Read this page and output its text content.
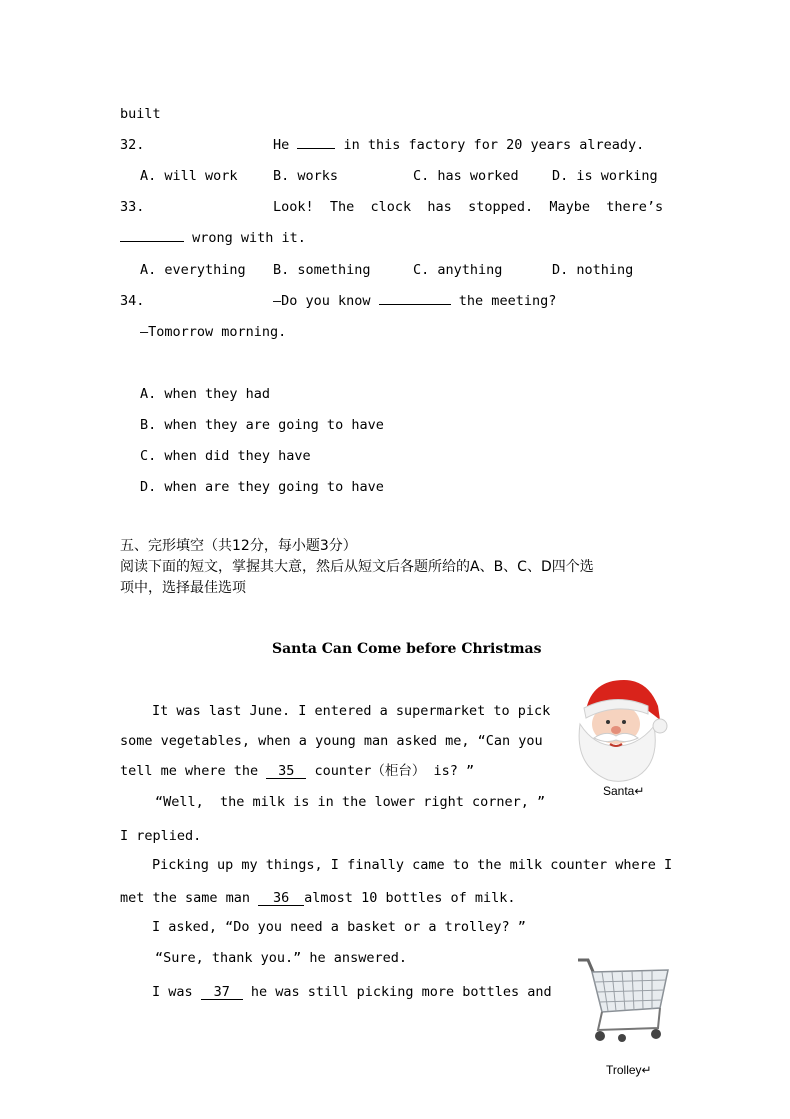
built
32.	He	in this factory for 20 years already.
A. will work	B. works	C. has worked D. is working
33.	Look!  The  clock  has  stopped.  Maybe  there’s
wrong with it.
A. everything B. something	C. anything	D. nothing
34.	—Do you know	the meeting?
—Tomorrow morning.
A. when they had
B. when they are going to have
C. when did they have
D. when are they going to have
五、完形填空（共12分，每小题3分）
阅读下面的短文，掌握其大意，然后从短文后各题所给的A、B、C、D四个选
项中，选择最佳选项
Santa Can Come before Christmas
It was last June. I entered a supermarket to pick
some vegetables, when a young man asked me, “Can you
tell me where the 35 counter（柜台） is? ”
“Well,  the milk is in the lower right corner, ”
I replied.
Picking up my things, I finally came to the milk counter where I
met the same man 36 almost 10 bottles of milk.
I asked, “Do you need a basket or a trolley? ”
“Sure, thank you.” he answered.
I was 37 he was still picking more bottles and
Santa↵
Trolley↵
